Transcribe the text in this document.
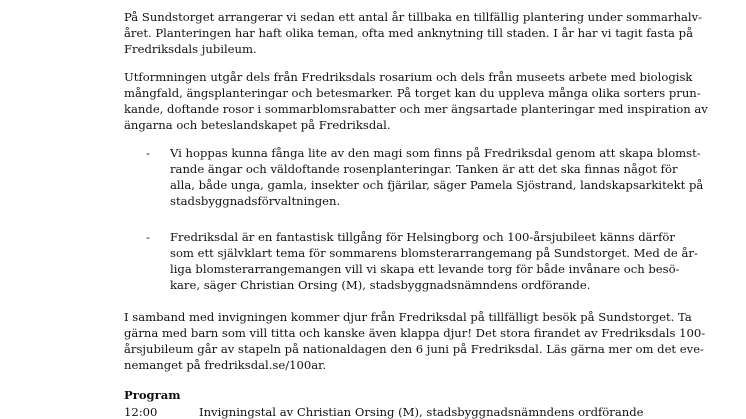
På Sundstorget arrangerar vi sedan ett antal år tillbaka en tillfällig plantering under sommarhalv-
året. Planteringen har haft olika teman, ofta med anknytning till staden. I år har vi tagit fasta på
Fredriksdals jubileum.
Utformningen utgår dels från Fredriksdals rosarium och dels från museets arbete med biologisk
mångfald, ängsplanteringar och betesmarker. På torget kan du uppleva många olika sorters prun-
kande, doftande rosor i sommarblomsrabatter och mer ängsartade planteringar med inspiration av
ängarna och beteslandskapet på Fredriksdal.
- Vi hoppas kunna fånga lite av den magi som finns på Fredriksdal genom att skapa blomst-
rande ängar och väldoftande rosenplanteringar. Tanken är att det ska finnas något för
alla, både unga, gamla, insekter och fjärilar, säger Pamela Sjöstrand, landskapsarkitekt på
stadsbyggnadsförvaltningen.
- Fredriksdal är en fantastisk tillgång för Helsingborg och 100-årsjubileet känns därför
som ett självklart tema för sommarens blomsterarrangemang på Sundstorget. Med de år-
liga blomsterarrangemangen vill vi skapa ett levande torg för både invånare och besö-
kare, säger Christian Orsing (M), stadsbyggnadsnämndens ordförande.
I samband med invigningen kommer djur från Fredriksdal på tillfälligt besök på Sundstorget. Ta
gärna med barn som vill titta och kanske även klappa djur! Det stora firandet av Fredriksdals 100-
årsjubileum går av stapeln på nationaldagen den 6 juni på Fredriksdal. Läs gärna mer om det eve-
nemanget på fredriksdal.se/100ar.
Program
12:00	Invigningstal av Christian Orsing (M), stadsbyggnadsnämndens ordförande
